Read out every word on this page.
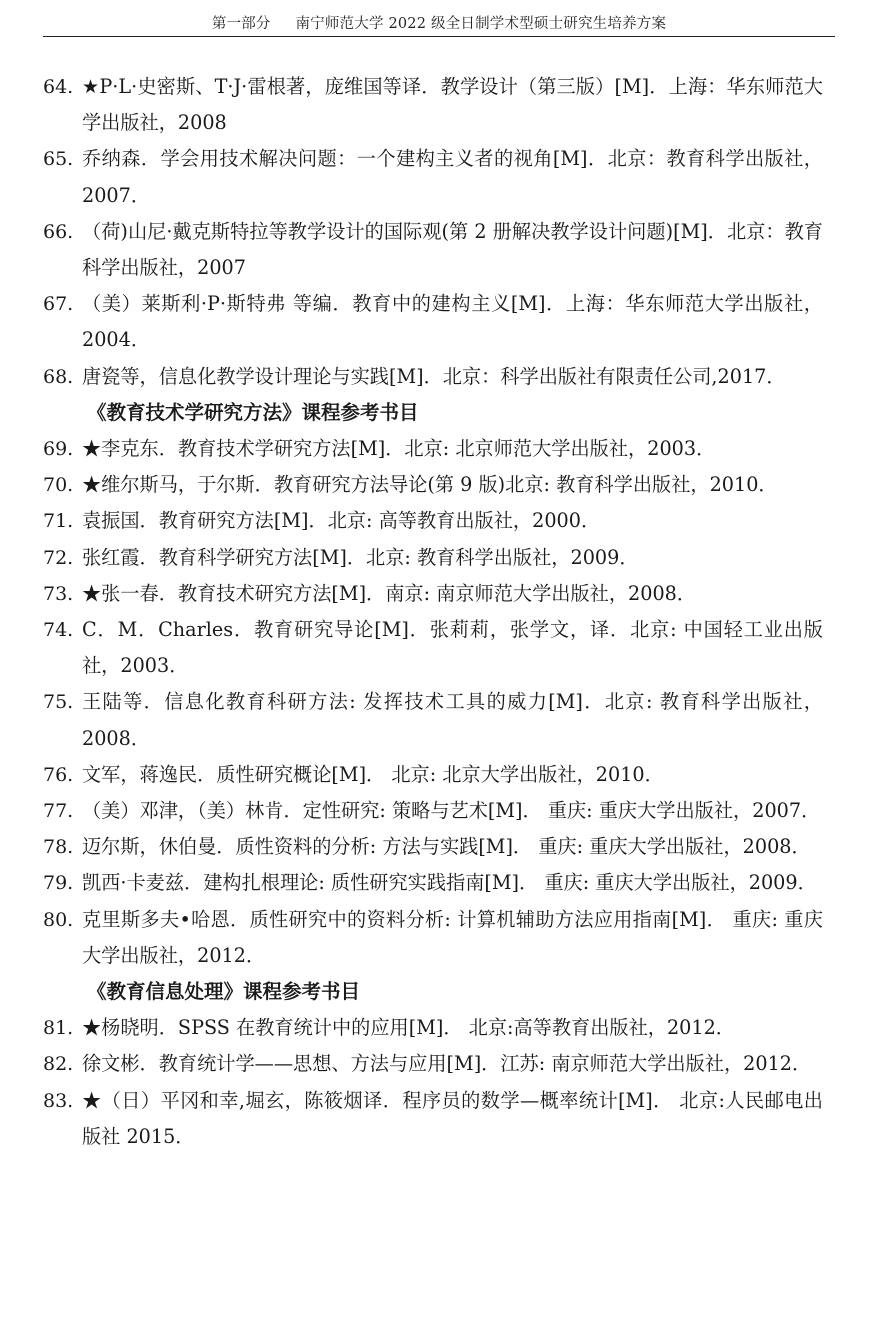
第一部分 南宁师范大学 2022 级全日制学术型硕士研究生培养方案
64. ★P·L·史密斯、T·J·雷根著，庞维国等译．教学设计（第三版）[M]．上海：华东师范大学出版社，2008
65. 乔纳森．学会用技术解决问题：一个建构主义者的视角[M]．北京：教育科学出版社，2007．
66. （荷)山尼·戴克斯特拉等教学设计的国际观(第 2 册解决教学设计问题)[M]．北京：教育科学出版社，2007
67. （美）莱斯利·P·斯特弗 等编．教育中的建构主义[M]．上海：华东师范大学出版社，2004．
68. 唐瓷等，信息化教学设计理论与实践[M]．北京：科学出版社有限责任公司,2017．
《教育技术学研究方法》课程参考书目
69. ★李克东．教育技术学研究方法[M]．北京: 北京师范大学出版社，2003．
70. ★维尔斯马，于尔斯．教育研究方法导论(第 9 版)北京: 教育科学出版社，2010．
71. 袁振国．教育研究方法[M]．北京: 高等教育出版社，2000．
72. 张红霞．教育科学研究方法[M]．北京: 教育科学出版社，2009．
73. ★张一春．教育技术研究方法[M]．南京: 南京师范大学出版社，2008．
74. C．M．Charles．教育研究导论[M]．张莉莉，张学文，译．北京: 中国轻工业出版社，2003．
75. 王陆等．信息化教育科研方法: 发挥技术工具的威力[M]．北京: 教育科学出版社，2008．
76. 文军，蒋逸民．质性研究概论[M]． 北京: 北京大学出版社，2010．
77. （美）邓津，（美）林肯．定性研究: 策略与艺术[M]． 重庆: 重庆大学出版社，2007．
78. 迈尔斯，休伯曼．质性资料的分析: 方法与实践[M]． 重庆: 重庆大学出版社，2008．
79. 凯西·卡麦兹．建构扎根理论: 质性研究实践指南[M]． 重庆: 重庆大学出版社，2009．
80. 克里斯多夫•哈恩．质性研究中的资料分析: 计算机辅助方法应用指南[M]． 重庆: 重庆大学出版社，2012．
《教育信息处理》课程参考书目
81. ★杨晓明．SPSS 在教育统计中的应用[M]． 北京:高等教育出版社，2012．
82. 徐文彬．教育统计学——思想、方法与应用[M]．江苏: 南京师范大学出版社，2012．
83. ★（日）平冈和幸,堀玄，陈筱烟译．程序员的数学—概率统计[M]． 北京:人民邮电出版社 2015．
